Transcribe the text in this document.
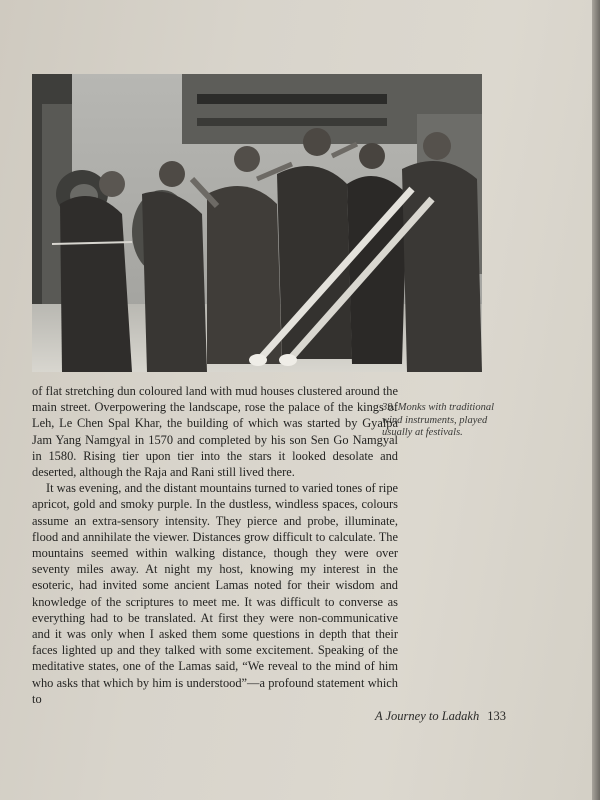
39. Monks with traditional wind instruments, played usually at festivals.

of flat stretching dun coloured land with mud houses clustered around the main street. Overpowering the landscape, rose the palace of the kings of Leh, Le Chen Spal Khar, the building of which was started by Gyalpa Jam Yang Namgyal in 1570 and completed by his son Sen Go Namgyal in 1580. Rising tier upon tier into the stars it looked desolate and deserted, although the Raja and Rani still lived there.

It was evening, and the distant mountains turned to varied tones of ripe apricot, gold and smoky purple. In the dustless, windless spaces, colours assume an extra-sensory intensity. They pierce and probe, illuminate, flood and annihilate the viewer. Distances grow difficult to calculate. The mountains seemed within walking distance, though they were over seventy miles away. At night my host, knowing my interest in the esoteric, had invited some ancient Lamas noted for their wisdom and knowledge of the scriptures to meet me. It was difficult to converse as everything had to be translated. At first they were non-communicative and it was only when I asked them some questions in depth that their faces lighted up and they talked with some excitement. Speaking of the meditative states, one of the Lamas said, “We reveal to the mind of him who asks that which by him is understood”—a profound statement which to

A Journey to Ladakh 133
